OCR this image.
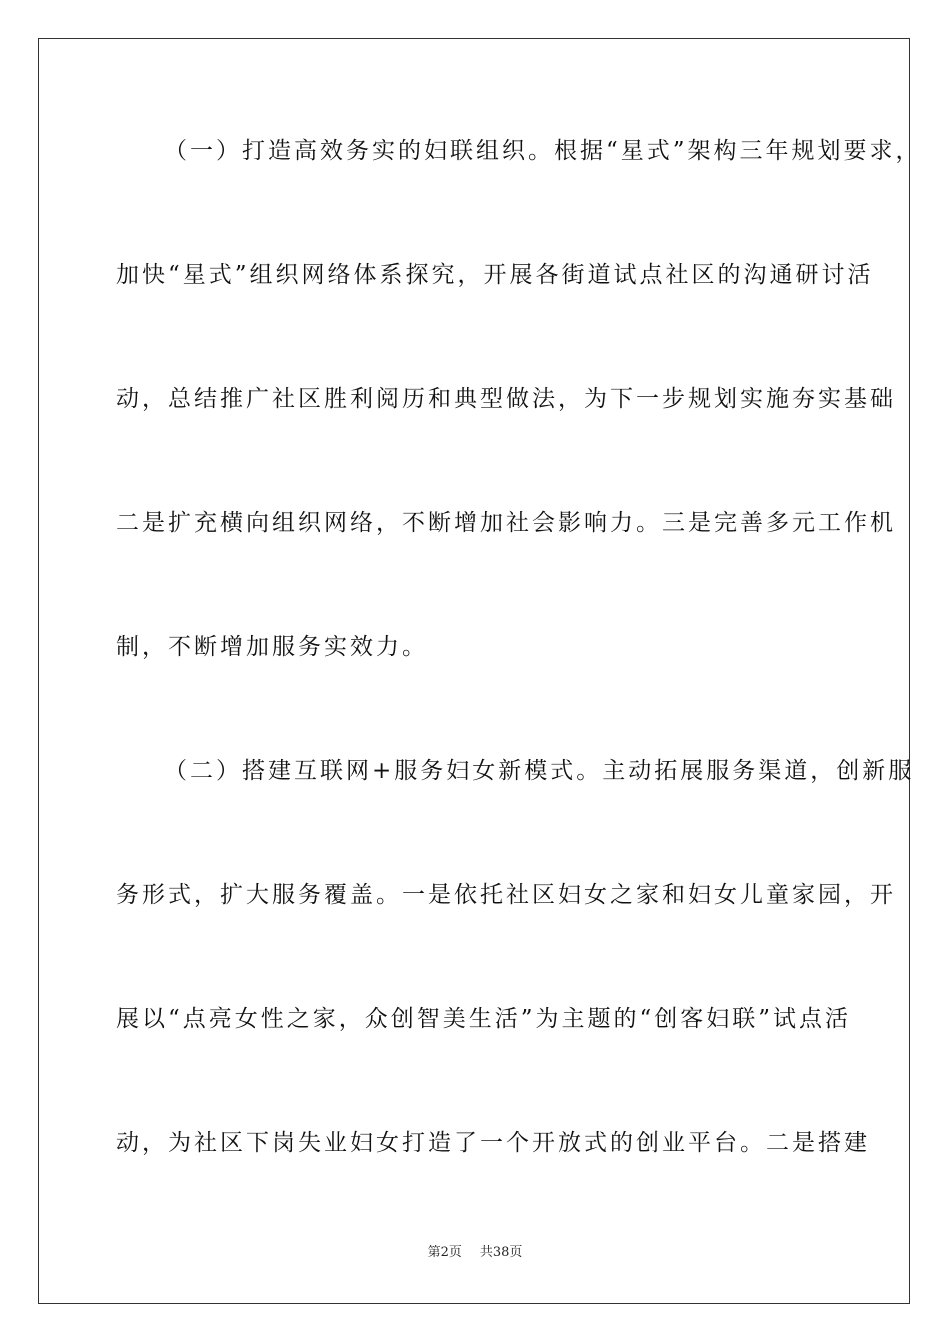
（一）打造高效务实的妇联组织。根据“星式”架构三年规划要求，
加快“星式”组织网络体系探究，开展各街道试点社区的沟通研讨活
动，总结推广社区胜利阅历和典型做法，为下一步规划实施夯实基础
二是扩充横向组织网络，不断增加社会影响力。三是完善多元工作机
制，不断增加服务实效力。
（二）搭建互联网+服务妇女新模式。主动拓展服务渠道，创新服
务形式，扩大服务覆盖。一是依托社区妇女之家和妇女儿童家园，开
展以“点亮女性之家，众创智美生活”为主题的“创客妇联”试点活
动，为社区下岗失业妇女打造了一个开放式的创业平台。二是搭建
第2页 共38页
